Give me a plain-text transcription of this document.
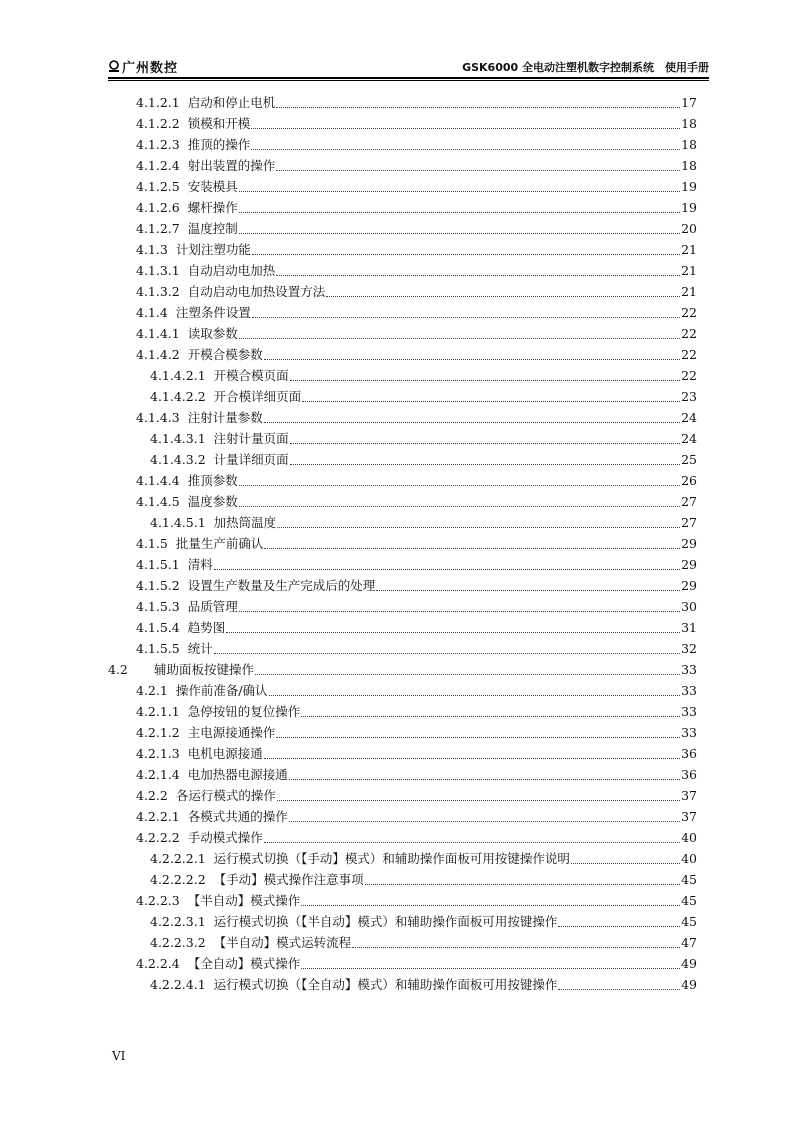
广州数控	GSK6000 全电动注塑机数字控制系统　使用手册
4.1.2.1 启动和停止电机	17
4.1.2.2 锁模和开模	18
4.1.2.3 推顶的操作	18
4.1.2.4 射出装置的操作	18
4.1.2.5 安装模具	19
4.1.2.6 螺杆操作	19
4.1.2.7 温度控制	20
4.1.3 计划注塑功能	21
4.1.3.1 自动启动电加热	21
4.1.3.2 自动启动电加热设置方法	21
4.1.4 注塑条件设置	22
4.1.4.1 读取参数	22
4.1.4.2 开模合模参数	22
4.1.4.2.1 开模合模页面	22
4.1.4.2.2 开合模详细页面	23
4.1.4.3 注射计量参数	24
4.1.4.3.1 注射计量页面	24
4.1.4.3.2 计量详细页面	25
4.1.4.4 推顶参数	26
4.1.4.5 温度参数	27
4.1.4.5.1 加热筒温度	27
4.1.5 批量生产前确认	29
4.1.5.1 清料	29
4.1.5.2 设置生产数量及生产完成后的处理	29
4.1.5.3 品质管理	30
4.1.5.4 趋势图	31
4.1.5.5 统计	32
4.2	辅助面板按键操作	33
4.2.1 操作前准备/确认	33
4.2.1.1 急停按钮的复位操作	33
4.2.1.2 主电源接通操作	33
4.2.1.3 电机电源接通	36
4.2.1.4 电加热器电源接通	36
4.2.2 各运行模式的操作	37
4.2.2.1 各模式共通的操作	37
4.2.2.2 手动模式操作	40
4.2.2.2.1 运行模式切换（【手动】模式）和辅助操作面板可用按键操作说明	40
4.2.2.2.2 【手动】模式操作注意事项	45
4.2.2.3 【半自动】模式操作	45
4.2.2.3.1 运行模式切换（【半自动】模式）和辅助操作面板可用按键操作	45
4.2.2.3.2 【半自动】模式运转流程	47
4.2.2.4 【全自动】模式操作	49
4.2.2.4.1 运行模式切换（【全自动】模式）和辅助操作面板可用按键操作	49
VI
